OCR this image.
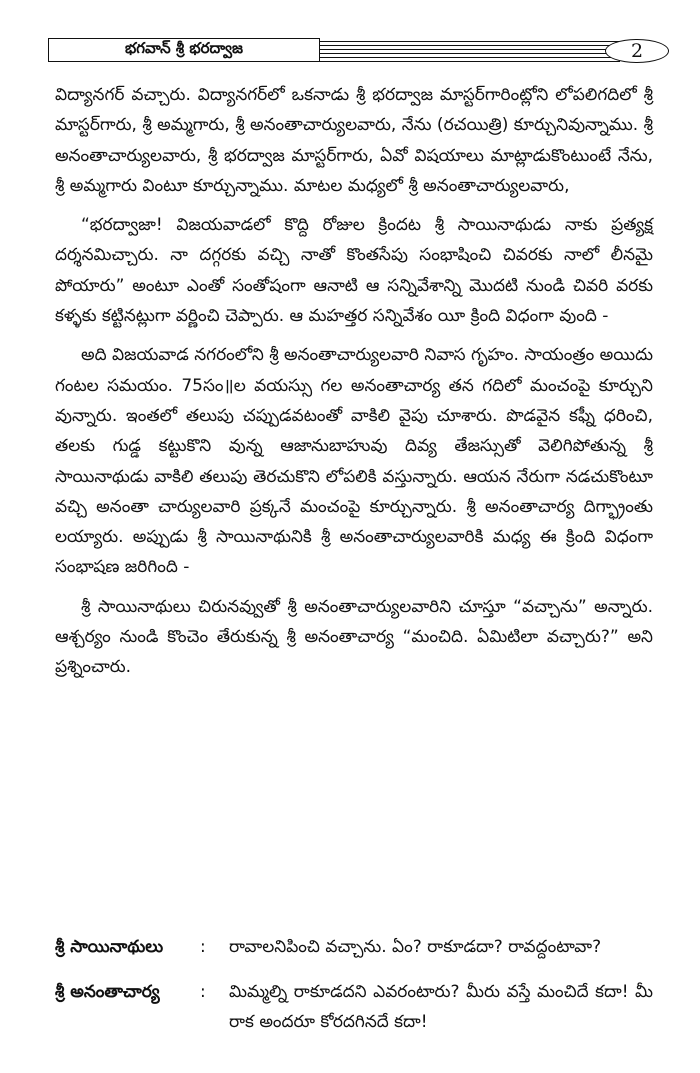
భగవాన్ శ్రీ భరద్వాజ	2

విద్యానగర్ వచ్చారు. విద్యానగర్‌లో ఒకనాడు శ్రీ భరద్వాజ మాస్టర్‌గారింట్లోని లోపలిగదిలో శ్రీ మాస్టర్‌గారు, శ్రీ అమ్మగారు, శ్రీ అనంతాచార్యులవారు, నేను (రచయిత్రి) కూర్చునివున్నాము. శ్రీ అనంతాచార్యులవారు, శ్రీ భరద్వాజ మాస్టర్‌గారు, ఏవో విషయాలు మాట్లాడుకొంటుంటే నేను, శ్రీ అమ్మగారు వింటూ కూర్చున్నాము. మాటల మధ్యలో శ్రీ అనంతాచార్యులవారు,

“భరద్వాజా! విజయవాడలో కొద్ది రోజుల క్రిందట శ్రీ సాయినాథుడు నాకు ప్రత్యక్ష దర్శనమిచ్చారు. నా దగ్గరకు వచ్చి నాతో కొంతసేపు సంభాషించి చివరకు నాలో లీనమై పోయారు” అంటూ ఎంతో సంతోషంగా ఆనాటి ఆ సన్నివేశాన్ని మొదటి నుండి చివరి వరకు కళ్ళకు కట్టినట్లుగా వర్ణించి చెప్పారు. ఆ మహత్తర సన్నివేశం యీ క్రింది విధంగా వుంది -

అది విజయవాడ నగరంలోని శ్రీ అనంతాచార్యులవారి నివాస గృహం. సాయంత్రం అయిదు గంటల సమయం. 75సం॥ల వయస్సు గల అనంతాచార్య తన గదిలో మంచంపై కూర్చుని వున్నారు. ఇంతలో తలుపు చప్పుడవటంతో వాకిలి వైపు చూశారు. పొడవైన కఫ్నీ ధరించి, తలకు గుడ్డ కట్టుకొని వున్న ఆజానుబాహువు దివ్య తేజస్సుతో వెలిగిపోతున్న శ్రీ సాయినాథుడు వాకిలి తలుపు తెరచుకొని లోపలికి వస్తున్నారు. ఆయన నేరుగా నడచుకొంటూ వచ్చి అనంతా చార్యులవారి ప్రక్కనే మంచంపై కూర్చున్నారు. శ్రీ అనంతాచార్య దిగ్భ్రాంతు లయ్యారు. అప్పుడు శ్రీ సాయినాథునికి శ్రీ అనంతాచార్యులవారికి మధ్య ఈ క్రింది విధంగా సంభాషణ జరిగింది -

శ్రీ సాయినాథులు చిరునవ్వుతో శ్రీ అనంతాచార్యులవారిని చూస్తూ “వచ్చాను” అన్నారు. ఆశ్చర్యం నుండి కొంచెం తేరుకున్న శ్రీ అనంతాచార్య “మంచిది. ఏమిటిలా వచ్చారు?” అని ప్రశ్నించారు.

శ్రీ సాయినాథులు : రావాలనిపించి వచ్చాను. ఏం? రాకూడదా? రావద్దంటావా?
శ్రీ అనంతాచార్య : మిమ్మల్ని రాకూడదని ఎవరంటారు? మీరు వస్తే మంచిదే కదా! మీ రాక అందరూ కోరదగినదే కదా!
